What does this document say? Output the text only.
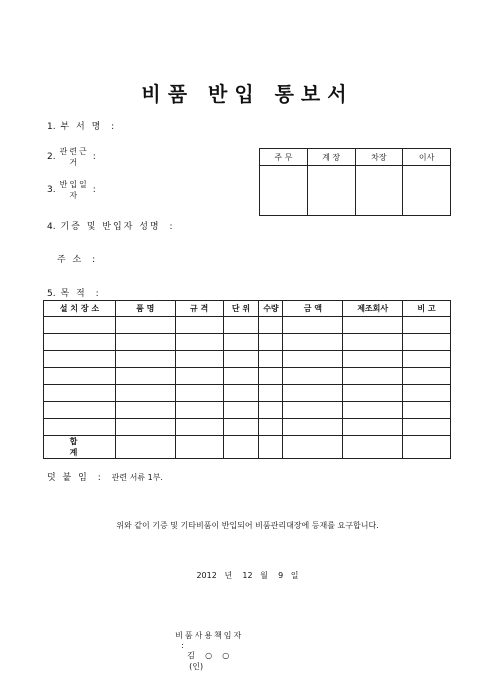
비품 반입 통보서
1. 부 서 명 :
2.
관련근
거
:
3.
반입일
자
:
4. 기증 및 반입자 성명 :
주 소 :
5. 목 적 :
주 무	계 장	차장	이사

설 치 장 소	품 명	규 격	단 위	수량	금 액	제조회사	비 고

합 계							
덧 붙 임 : 관련 서류 1부.
위와 같이 기증 및 기타비품이 반입되어 비품관리대장에 등재를 요구합니다.
2012   년    12   월    9   일

비품사용책임자
:
김    ○    ○
(인)
